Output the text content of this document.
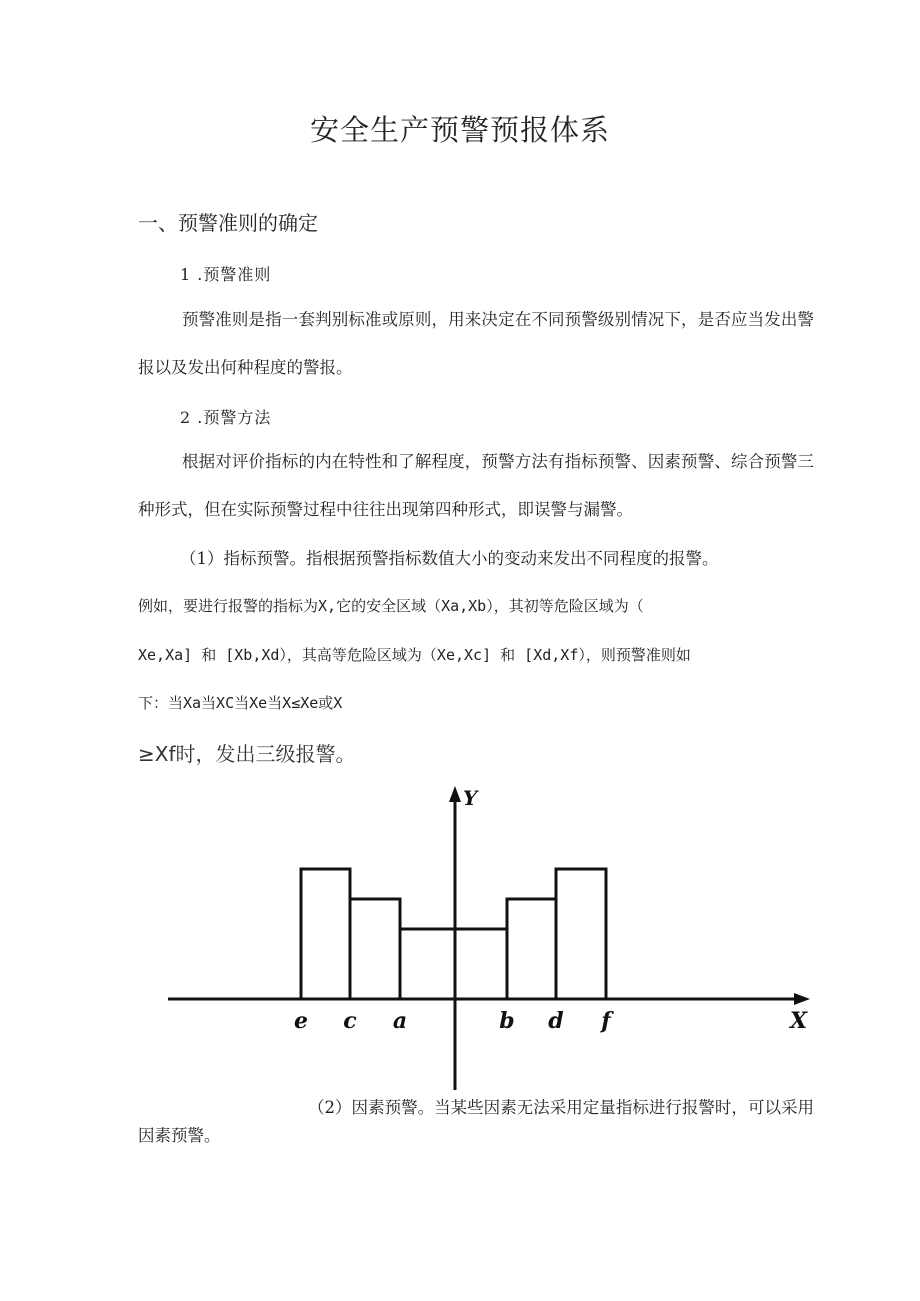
安全生产预警预报体系
一、预警准则的确定
1 .预警准则
预警准则是指一套判别标准或原则，用来决定在不同预警级别情况下，是否应当发出警报以及发出何种程度的警报。
2 .预警方法
根据对评价指标的内在特性和了解程度，预警方法有指标预警、因素预警、综合预警三种形式，但在实际预警过程中往往出现第四种形式，即误警与漏警。
（1）指标预警。指根据预警指标数值大小的变动来发出不同程度的报警。
例如，要进行报警的指标为X,它的安全区域（Xa,Xb），其初等危险区域为（
Xe,Xa] 和 [Xb,Xd），其高等危险区域为（Xe,Xc] 和 [Xd,Xf），则预警准则如
下：当Xa当XC当Xe当X≤Xe或X
≥Xf时，发出三级报警。
X
Y
e c a	b d f
（2）因素预警。当某些因素无法采用定量指标进行报警时，可以采用因素预警。
